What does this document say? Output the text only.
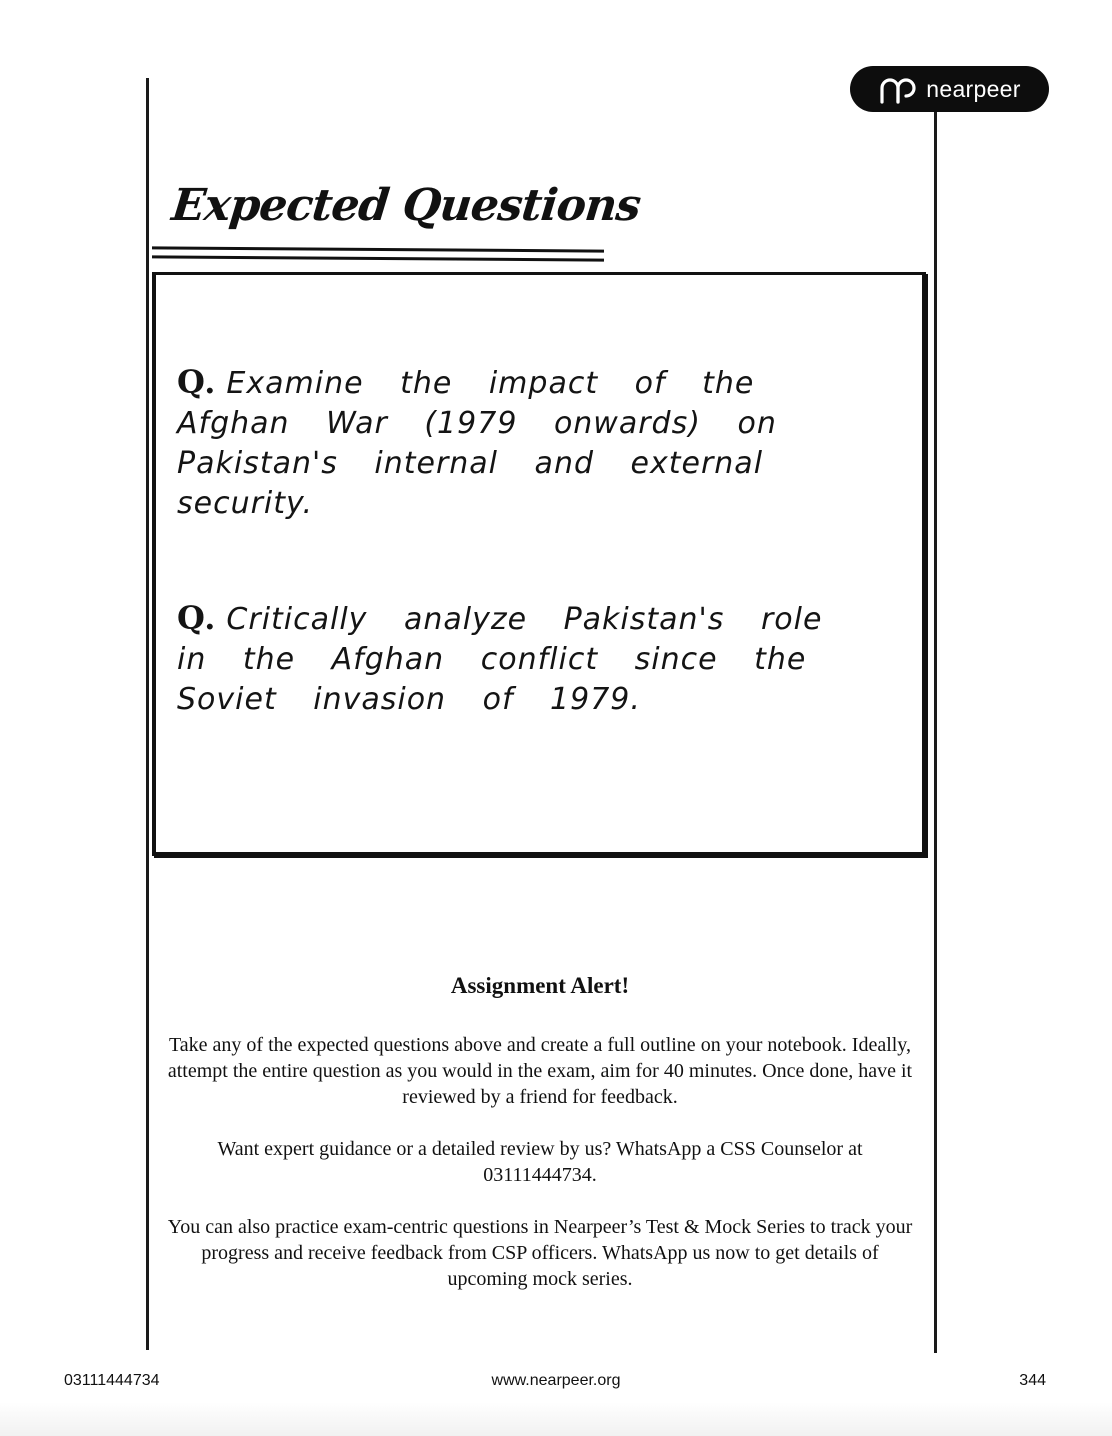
nearpeer
Expected Questions
Q. Examine the impact of the Afghan War (1979 onwards) on Pakistan's internal and external security.
Q. Critically analyze Pakistan's role in the Afghan conflict since the Soviet invasion of 1979.
Assignment Alert!

Take any of the expected questions above and create a full outline on your notebook. Ideally, attempt the entire question as you would in the exam, aim for 40 minutes. Once done, have it reviewed by a friend for feedback.

Want expert guidance or a detailed review by us? WhatsApp a CSS Counselor at 03111444734.

You can also practice exam-centric questions in Nearpeer’s Test & Mock Series to track your progress and receive feedback from CSP officers. WhatsApp us now to get details of upcoming mock series.

03111444734	www.nearpeer.org	344
